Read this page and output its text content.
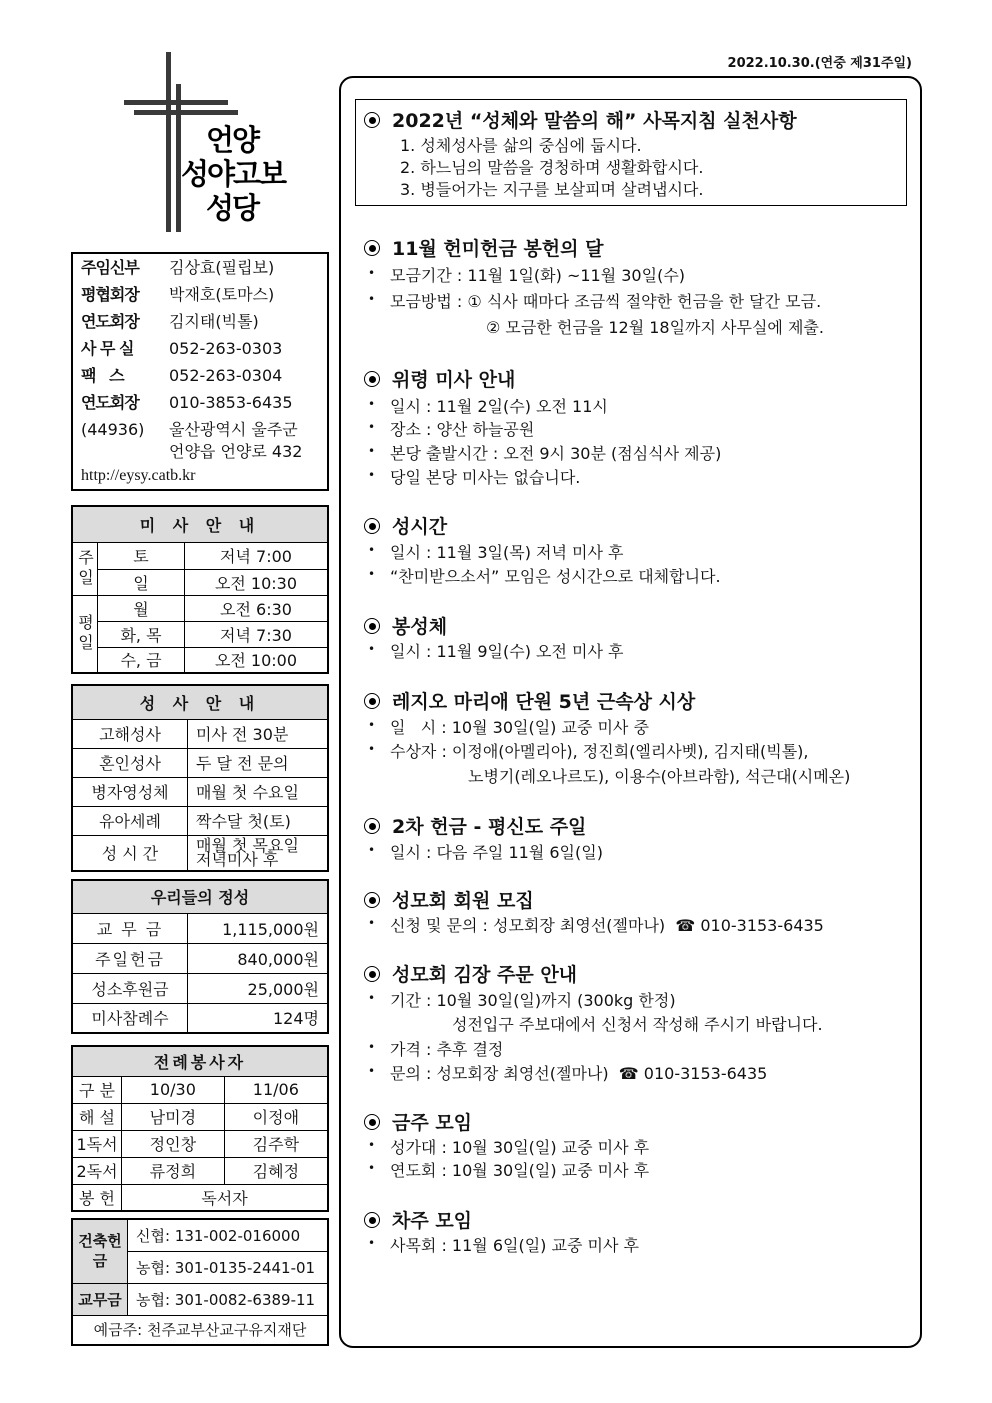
2022.10.30.(연중 제31주일)
언양
성야고보
성당
주임신부 김상효(필립보)
평협회장 박재호(토마스)
연도회장 김지태(빅톨)
사 무 실 052-263-0303
팩   스	052-263-0304
연도회장 010-3853-6435
(44936) 울산광역시 울주군
언양읍 언양로 432
http://eysy.catb.kr
미 사 안 내		
주일	토	저녁 7:00
	일	오전 10:30
평일	월	오전 6:30
	화, 목	저녁 7:30
	수, 금	오전 10:00
성 사 안 내	
고해성사	미사 전 30분
혼인성사	두 달 전 문의
병자영성체	매월 첫 수요일
유아세례	짝수달 첫(토)
성 시 간	매월 첫 목요일
저녁미사 후
우리들의 정성	
교 무 금	1,115,000원
주일헌금	840,000원
성소후원금	25,000원
미사참례수	124명
전례봉사자		
구 분	10/30	11/06
해 설	남미경	이정애
1독서	정인창	김주학
2독서	류정희	김혜정
봉 헌	독서자	
건축헌금	신협: 131-002-016000
	농협: 301-0135-2441-01
교무금	농협: 301-0082-6389-11
예금주: 천주교부산교구유지재단	
2022년 “성체와 말씀의 해” 사목지침 실천사항
1. 성체성사를 삶의 중심에 둡시다.
2. 하느님의 말씀을 경청하며 생활화합시다.
3. 병들어가는 지구를 보살피며 살려냅시다.
11월 헌미헌금 봉헌의 달
• 모금기간 : 11월 1일(화) ~11월 30일(수)
• 모금방법 : ① 식사 때마다 조금씩 절약한 헌금을 한 달간 모금.
② 모금한 헌금을 12월 18일까지 사무실에 제출.
위령 미사 안내
• 일시 : 11월 2일(수) 오전 11시
• 장소 : 양산 하늘공원
• 본당 출발시간 : 오전 9시 30분 (점심식사 제공)
• 당일 본당 미사는 없습니다.
성시간
• 일시 : 11월 3일(목) 저녁 미사 후
• “찬미받으소서” 모임은 성시간으로 대체합니다.
봉성체
• 일시 : 11월 9일(수) 오전 미사 후
레지오 마리애 단원 5년 근속상 시상
• 일   시 : 10월 30일(일) 교중 미사 중
• 수상자 : 이정애(아멜리아), 정진희(엘리사벳), 김지태(빅톨),
노병기(레오나르도), 이용수(아브라함), 석근대(시메온)
2차 헌금 - 평신도 주일
• 일시 : 다음 주일 11월 6일(일)
성모회 회원 모집
• 신청 및 문의 : 성모회장 최영선(젤마나)  ☎ 010-3153-6435
성모회 김장 주문 안내
• 기간 : 10월 30일(일)까지 (300kg 한정)
성전입구 주보대에서 신청서 작성해 주시기 바랍니다.
• 가격 : 추후 결정
• 문의 : 성모회장 최영선(젤마나)  ☎ 010-3153-6435
금주 모임
• 성가대 : 10월 30일(일) 교중 미사 후
• 연도회 : 10월 30일(일) 교중 미사 후
차주 모임
• 사목회 : 11월 6일(일) 교중 미사 후
